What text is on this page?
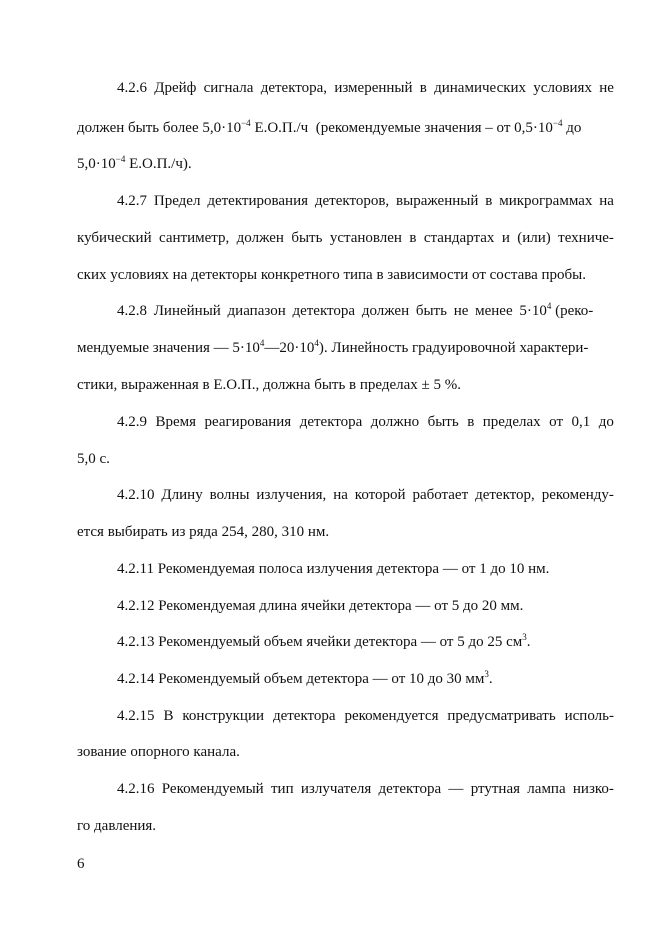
4.2.6 Дрейф сигнала детектора, измеренный в динамических условиях не
должен быть более $5,0\cdot 10^{-4}$ Е.О.П./ч (рекомендуемые значения – от $0,5\cdot 10^{-4}$ до
$5,0\cdot 10^{-4}$ Е.О.П./ч).
4.2.7 Предел детектирования детекторов, выраженный в микрограммах на
кубический сантиметр, должен быть установлен в стандартах и (или) техниче-
ских условиях на детекторы конкретного типа в зависимости от состава пробы.
4.2.8 Линейный диапазон детектора должен быть не менее $5\cdot 10^4$ (реко-
мендуемые значения — $5\cdot 10^4—20\cdot 10^4$). Линейность градуировочной характери-
стики, выраженная в Е.О.П., должна быть в пределах ± 5 %.
4.2.9 Время реагирования детектора должно быть в пределах от 0,1 до
5,0 с.
4.2.10 Длину волны излучения, на которой работает детектор, рекоменду-
ется выбирать из ряда 254, 280, 310 нм.
4.2.11 Рекомендуемая полоса излучения детектора — от 1 до 10 нм.
4.2.12 Рекомендуемая длина ячейки детектора — от 5 до 20 мм.
4.2.13 Рекомендуемый объем ячейки детектора — от 5 до 25 $см^3$.
4.2.14 Рекомендуемый объем детектора — от 10 до 30 $мм^3$.
4.2.15 В конструкции детектора рекомендуется предусматривать исполь-
зование опорного канала.
4.2.16 Рекомендуемый тип излучателя детектора — ртутная лампа низко-
го давления.
6
